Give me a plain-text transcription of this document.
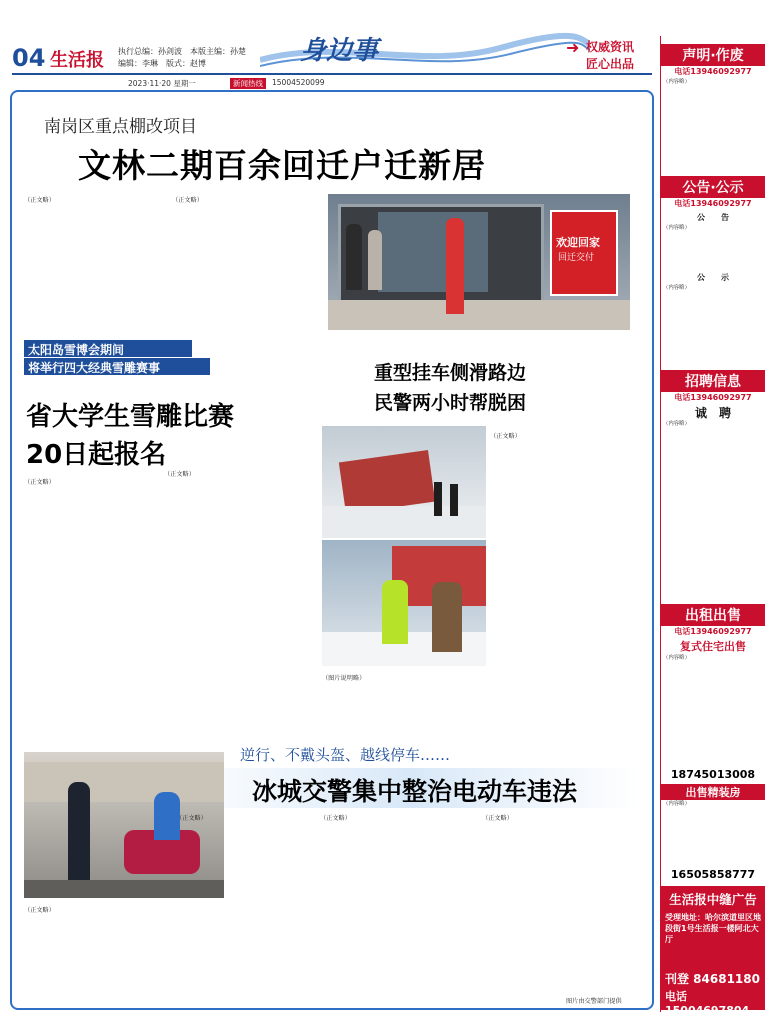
04 生活报 执行总编：孙剑波　本版主编：孙楚
编辑：李琳　版式：赵博	身边事	➜ 权威资讯
匠心出品
2023·11·20 星期一	新闻热线	15004520099
南岗区重点棚改项目
文林二期百余回迁户迁新居
（正文略）	（正文略）
欢迎回家
回迁交付
太阳岛雪博会期间
将举行四大经典雪雕赛事
省大学生雪雕比赛
20日起报名
（正文略）
（正文略）
重型挂车侧滑路边
民警两小时帮脱困
（图片说明略）
（正文略）
逆行、不戴头盔、越线停车……
冰城交警集中整治电动车违法
（正文略）
（正文略）	（正文略）	（正文略）
图片由交警部门提供
声明·作废
电话13946092977
（内容略）
公告·公示
电话13946092977
公　　告
（内容略）
公　　示
（内容略）
招聘信息
电话13946092977
诚　聘
（内容略）
出租出售
电话13946092977
复式住宅出售
（内容略）
18745013008
出售精装房
（内容略）
16505858777
生活报中缝广告
受理地址：哈尔滨道里区地段街1号生活报一楼阿北大厅
刊登 84681180
电话 15004697804
